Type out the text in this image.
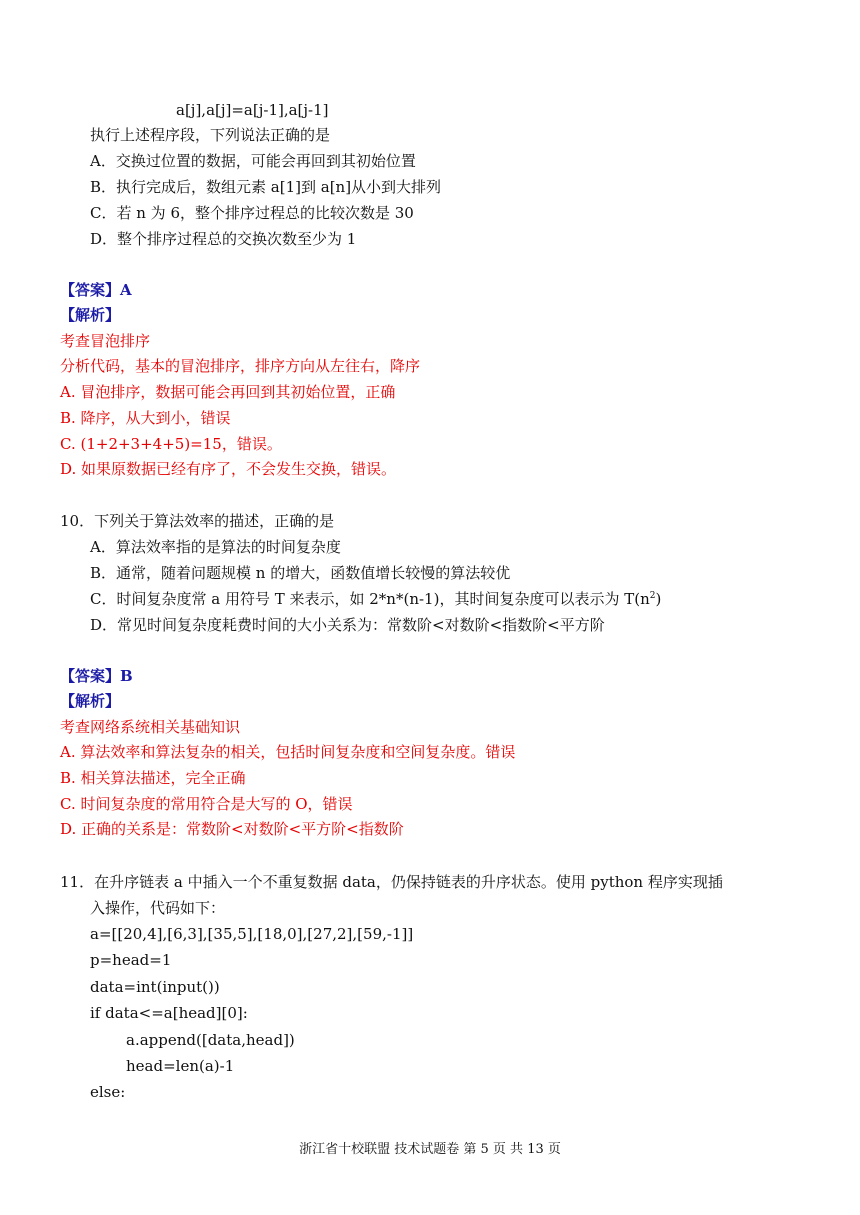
a[j],a[j]=a[j-1],a[j-1]
执行上述程序段，下列说法正确的是
A．交换过位置的数据，可能会再回到其初始位置
B．执行完成后，数组元素 a[1]到 a[n]从小到大排列
C．若 n 为 6，整个排序过程总的比较次数是 30
D．整个排序过程总的交换次数至少为 1
【答案】A
【解析】
考查冒泡排序
分析代码，基本的冒泡排序，排序方向从左往右，降序
A. 冒泡排序，数据可能会再回到其初始位置，正确
B. 降序，从大到小，错误
C. (1+2+3+4+5)=15，错误。
D. 如果原数据已经有序了，不会发生交换，错误。
10．下列关于算法效率的描述，正确的是
A．算法效率指的是算法的时间复杂度
B．通常，随着问题规模 n 的增大，函数值增长较慢的算法较优
C．时间复杂度常 a 用符号 T 来表示，如 2*n*(n-1)，其时间复杂度可以表示为 $T(n^2)$
D．常见时间复杂度耗费时间的大小关系为：常数阶<对数阶<指数阶<平方阶
【答案】B
【解析】
考查网络系统相关基础知识
A. 算法效率和算法复杂的相关，包括时间复杂度和空间复杂度。错误
B. 相关算法描述，完全正确
C. 时间复杂度的常用符合是大写的 O，错误
D. 正确的关系是：常数阶<对数阶<平方阶<指数阶
11．在升序链表 a 中插入一个不重复数据 data，仍保持链表的升序状态。使用 python 程序实现插
入操作，代码如下：
a=[[20,4],[6,3],[35,5],[18,0],[27,2],[59,-1]]
p=head=1
data=int(input())
if data<=a[head][0]:
a.append([data,head])
head=len(a)-1
else:
浙江省十校联盟 技术试题卷 第 5 页 共 13 页
